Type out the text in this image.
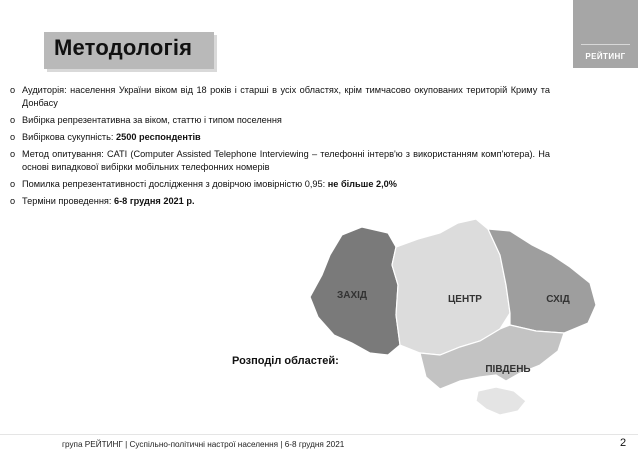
Методологія	РЕЙТИНГ
o Аудиторія: населення України віком від 18 років і старші в усіх областях, крім тимчасово окупованих територій Криму та Донбасу
o Вибірка репрезентативна за віком, статтю і типом поселення
o Вибіркова сукупність: 2500 респондентів
o Метод опитування: CATI (Computer Assisted Telephone Interviewing – телефонні інтерв'ю з використанням комп'ютера). На основі випадкової вибірки мобільних телефонних номерів
o Помилка репрезентативності дослідження з довірчою імовірністю 0,95: не більше 2,0%
o Терміни проведення: 6-8 грудня 2021 р.
ЗАХІД	ЦЕНТР	СХІД
ПІВДЕНЬ
Розподіл областей:
група РЕЙТИНГ | Суспільно-політичні настрої населення | 6-8 грудня 2021	2
